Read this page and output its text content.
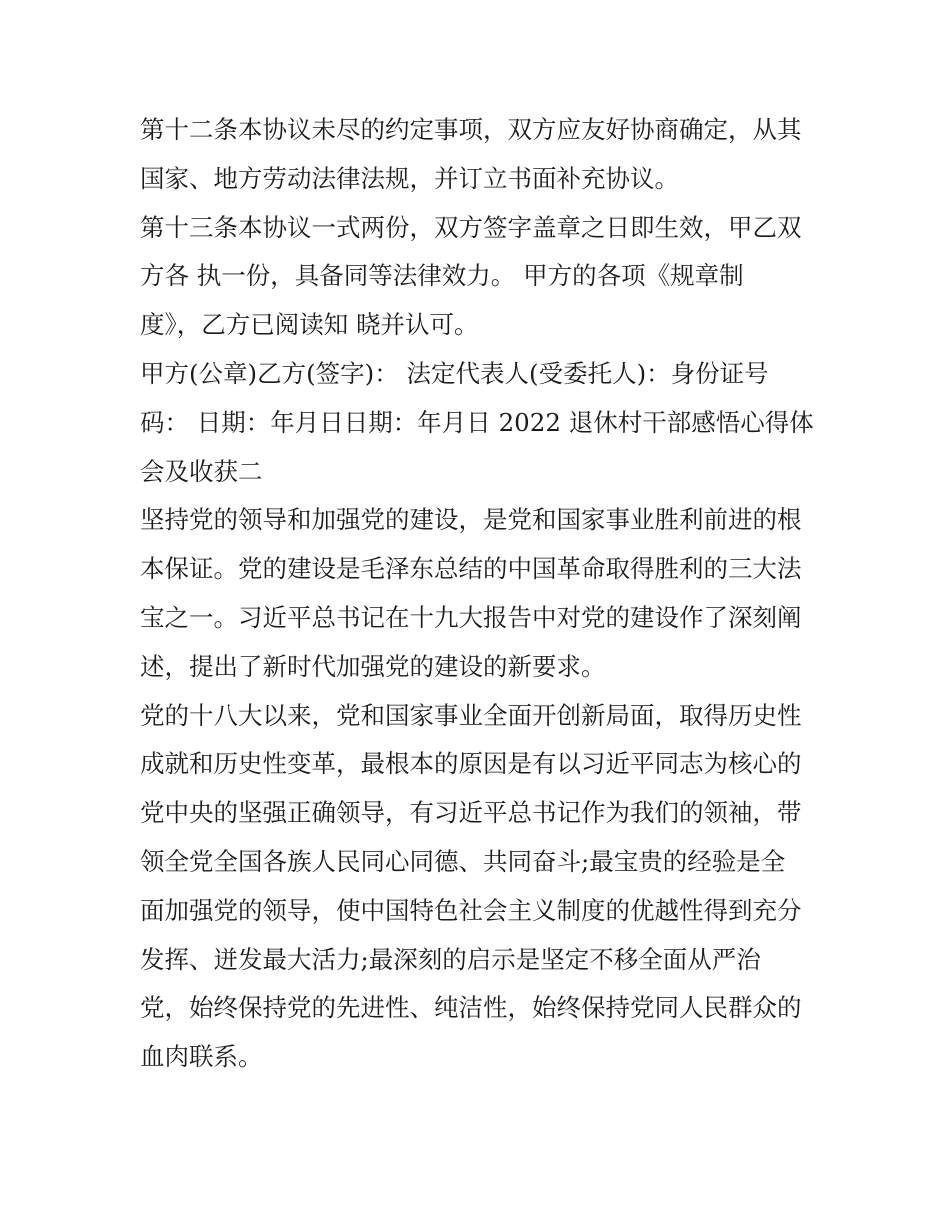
第十二条本协议未尽的约定事项，双方应友好协商确定，从其
国家、地方劳动法律法规，并订立书面补充协议。
第十三条本协议一式两份，双方签字盖章之日即生效，甲乙双
方各 执一份，具备同等法律效力。 甲方的各项《规章制
度》，乙方已阅读知 晓并认可。
甲方(公章)乙方(签字)： 法定代表人(受委托人)：身份证号
码： 日期：年月日日期：年月日 2022 退休村干部感悟心得体
会及收获二
坚持党的领导和加强党的建设，是党和国家事业胜利前进的根
本保证。党的建设是毛泽东总结的中国革命取得胜利的三大法
宝之一。习近平总书记在十九大报告中对党的建设作了深刻阐
述，提出了新时代加强党的建设的新要求。
党的十八大以来，党和国家事业全面开创新局面，取得历史性
成就和历史性变革，最根本的原因是有以习近平同志为核心的
党中央的坚强正确领导，有习近平总书记作为我们的领袖，带
领全党全国各族人民同心同德、共同奋斗;最宝贵的经验是全
面加强党的领导，使中国特色社会主义制度的优越性得到充分
发挥、迸发最大活力;最深刻的启示是坚定不移全面从严治
党，始终保持党的先进性、纯洁性，始终保持党同人民群众的
血肉联系。
